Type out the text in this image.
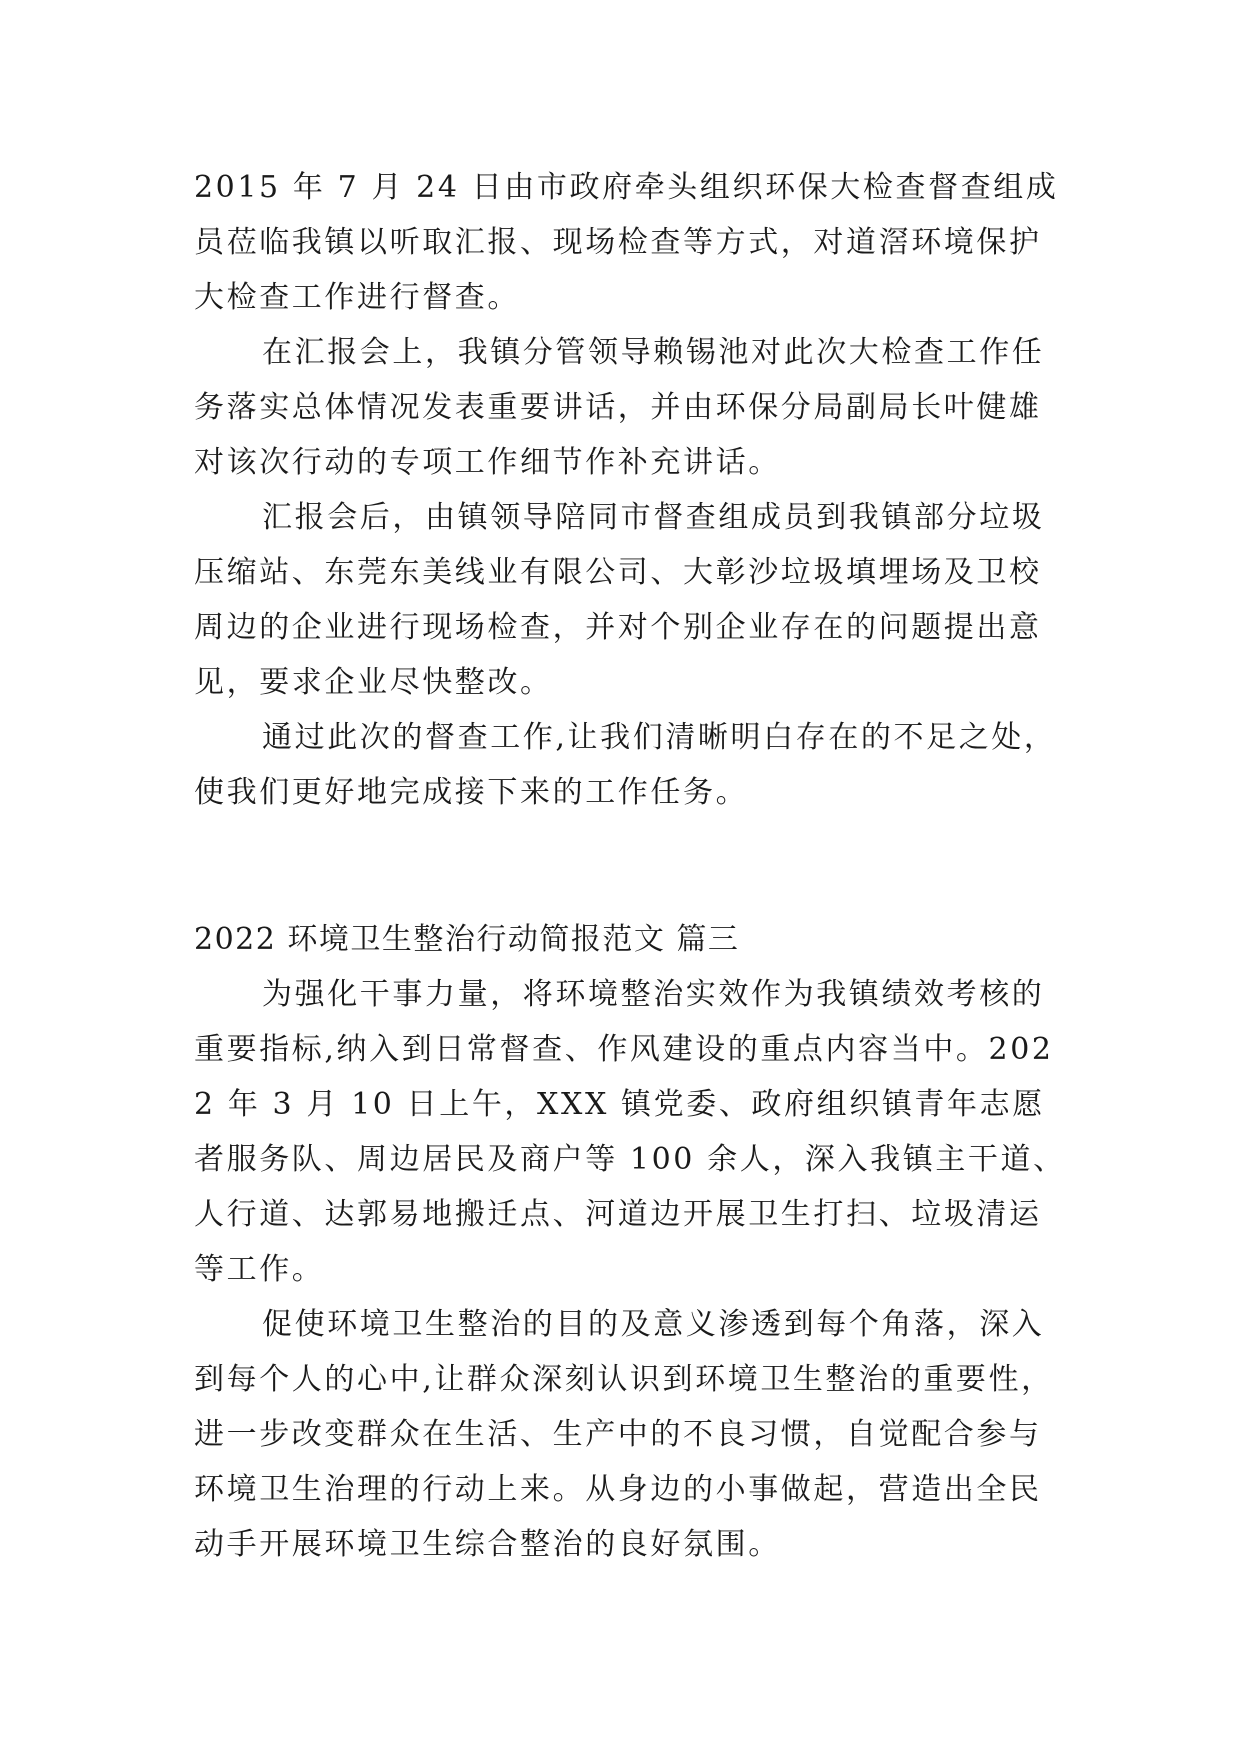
2015 年 7 月 24 日由市政府牵头组织环保大检查督查组成员莅临我镇以听取汇报、现场检查等方式，对道滘环境保护大检查工作进行督查。

在汇报会上，我镇分管领导赖锡池对此次大检查工作任务落实总体情况发表重要讲话，并由环保分局副局长叶健雄对该次行动的专项工作细节作补充讲话。

汇报会后，由镇领导陪同市督查组成员到我镇部分垃圾压缩站、东莞东美线业有限公司、大彰沙垃圾填埋场及卫校周边的企业进行现场检查，并对个别企业存在的问题提出意见，要求企业尽快整改。

通过此次的督查工作,让我们清晰明白存在的不足之处，使我们更好地完成接下来的工作任务。

2022 环境卫生整治行动简报范文 篇三

为强化干事力量，将环境整治实效作为我镇绩效考核的重要指标,纳入到日常督查、作风建设的重点内容当中。2022 年 3 月 10 日上午，XXX 镇党委、政府组织镇青年志愿者服务队、周边居民及商户等 100 余人，深入我镇主干道、人行道、达郭易地搬迁点、河道边开展卫生打扫、垃圾清运等工作。

促使环境卫生整治的目的及意义渗透到每个角落，深入到每个人的心中,让群众深刻认识到环境卫生整治的重要性，进一步改变群众在生活、生产中的不良习惯，自觉配合参与环境卫生治理的行动上来。从身边的小事做起，营造出全民动手开展环境卫生综合整治的良好氛围。
